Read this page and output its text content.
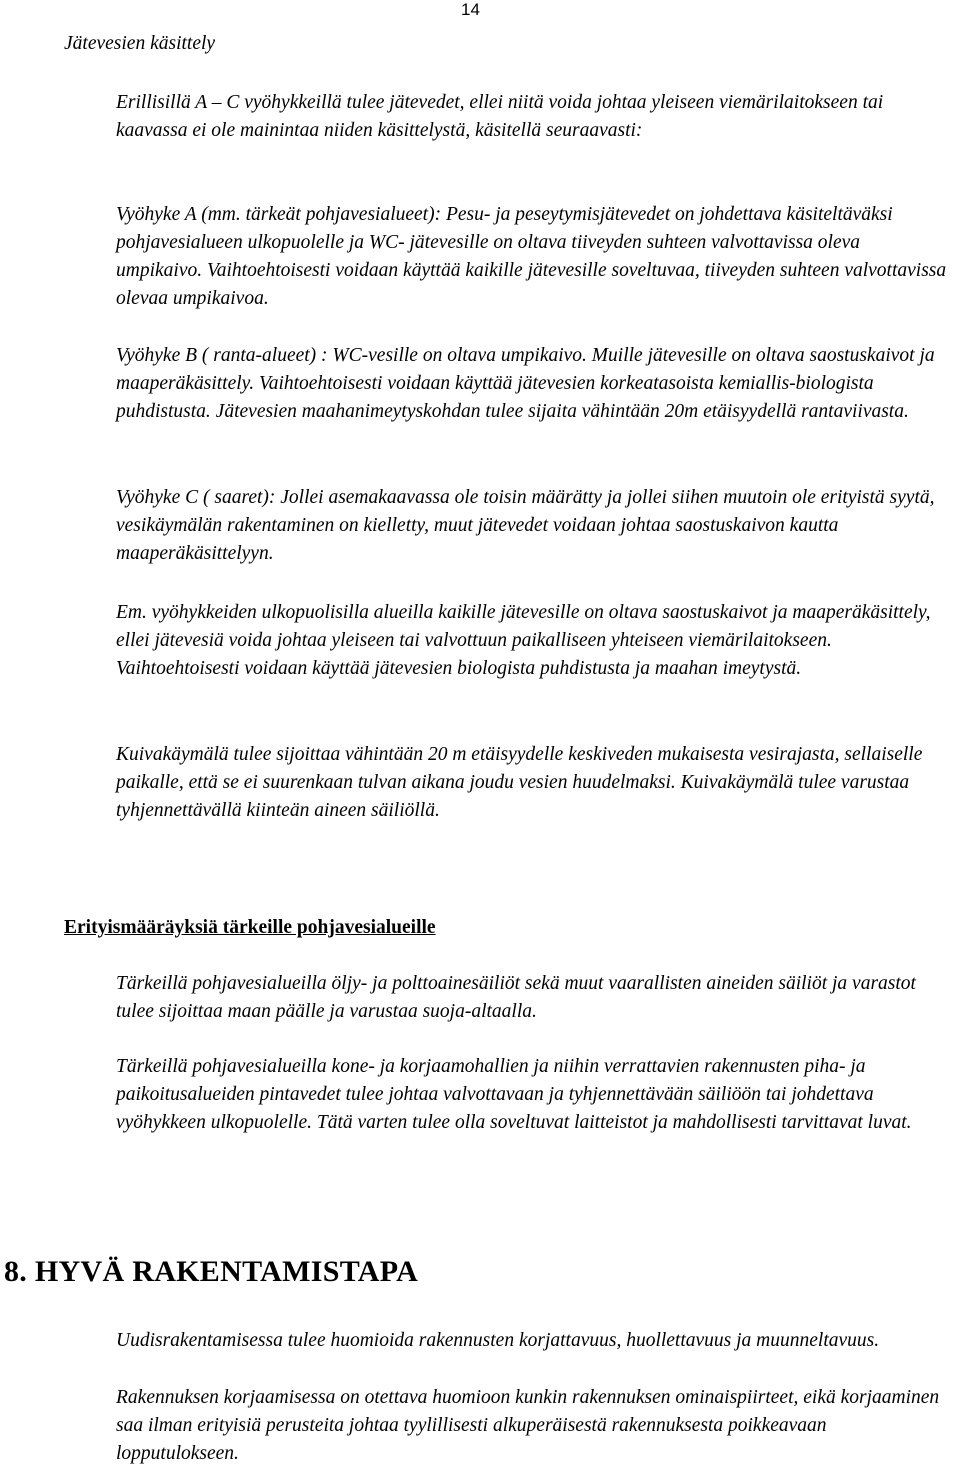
14
Jätevesien käsittely

Erillisillä A – C vyöhykkeillä tulee jätevedet, ellei niitä voida johtaa yleiseen viemärilaitokseen tai kaavassa ei ole mainintaa niiden käsittelystä, käsitellä seuraavasti:

Vyöhyke A (mm. tärkeät pohjavesialueet): Pesu- ja peseytymisjätevedet on johdettava käsiteltäväksi pohjavesialueen ulkopuolelle ja WC- jätevesille on oltava tiiveyden suhteen valvottavissa oleva umpikaivo. Vaihtoehtoisesti voidaan käyttää kaikille jätevesille soveltuvaa, tiiveyden suhteen valvottavissa olevaa umpikaivoa.

Vyöhyke B ( ranta-alueet) : WC-vesille on oltava umpikaivo. Muille jätevesille on oltava saostuskaivot ja maaperäkäsittely. Vaihtoehtoisesti voidaan käyttää jätevesien korkeatasoista kemiallis-biologista puhdistusta. Jätevesien maahanimeytyskohdan tulee sijaita vähintään 20m etäisyydellä rantaviivasta.

Vyöhyke C ( saaret): Jollei asemakaavassa ole toisin määrätty ja jollei siihen muutoin ole erityistä syytä, vesikäymälän rakentaminen on kielletty, muut jätevedet voidaan johtaa saostuskaivon kautta maaperäkäsittelyyn.

Em. vyöhykkeiden ulkopuolisilla alueilla kaikille jätevesille on oltava saostuskaivot ja maaperäkäsittely, ellei jätevesiä voida johtaa yleiseen tai valvottuun paikalliseen yhteiseen viemärilaitokseen. Vaihtoehtoisesti voidaan käyttää jätevesien biologista puhdistusta ja maahan imeytystä.

Kuivakäymälä tulee sijoittaa vähintään 20 m etäisyydelle keskiveden mukaisesta vesirajasta, sellaiselle paikalle, että se ei suurenkaan tulvan aikana joudu vesien huudelmaksi. Kuivakäymälä tulee varustaa tyhjennettävällä kiinteän aineen säiliöllä.

Erityismääräyksiä tärkeille pohjavesialueille

Tärkeillä pohjavesialueilla öljy- ja polttoainesäiliöt sekä muut vaarallisten aineiden säiliöt ja varastot tulee sijoittaa maan päälle ja varustaa suoja-altaalla.

Tärkeillä pohjavesialueilla kone- ja korjaamohallien ja niihin verrattavien rakennusten piha- ja paikoitusalueiden pintavedet tulee johtaa valvottavaan ja tyhjennettävään säiliöön tai johdettava vyöhykkeen ulkopuolelle. Tätä varten tulee olla soveltuvat laitteistot ja mahdollisesti tarvittavat luvat.

8. HYVÄ RAKENTAMISTAPA

Uudisrakentamisessa tulee huomioida rakennusten korjattavuus, huollettavuus ja muunneltavuus.

Rakennuksen korjaamisessa on otettava huomioon kunkin rakennuksen ominaispiirteet, eikä korjaaminen saa ilman erityisiä perusteita johtaa tyylillisesti alkuperäisestä rakennuksesta poikkeavaan lopputulokseen.
